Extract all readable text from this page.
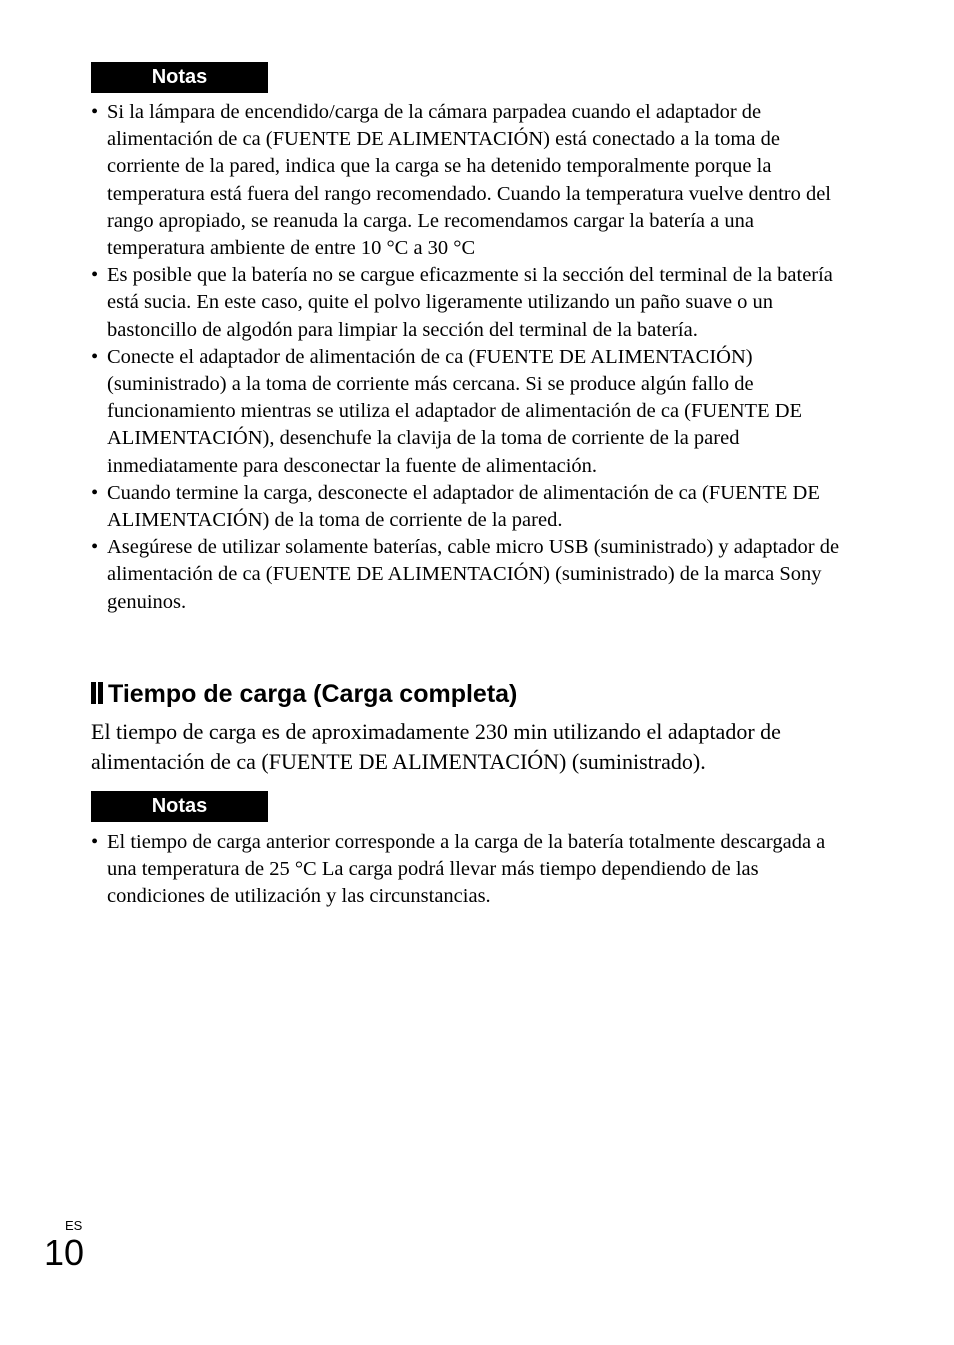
Notas
• Si la lámpara de encendido/carga de la cámara parpadea cuando el adaptador de alimentación de ca (FUENTE DE ALIMENTACIÓN) está conectado a la toma de corriente de la pared, indica que la carga se ha detenido temporalmente porque la temperatura está fuera del rango recomendado. Cuando la temperatura vuelve dentro del rango apropiado, se reanuda la carga. Le recomendamos cargar la batería a una temperatura ambiente de entre 10 °C a 30 °C
• Es posible que la batería no se cargue eficazmente si la sección del terminal de la batería está sucia. En este caso, quite el polvo ligeramente utilizando un paño suave o un bastoncillo de algodón para limpiar la sección del terminal de la batería.
• Conecte el adaptador de alimentación de ca (FUENTE DE ALIMENTACIÓN) (suministrado) a la toma de corriente más cercana. Si se produce algún fallo de funcionamiento mientras se utiliza el adaptador de alimentación de ca (FUENTE DE ALIMENTACIÓN), desenchufe la clavija de la toma de corriente de la pared inmediatamente para desconectar la fuente de alimentación.
• Cuando termine la carga, desconecte el adaptador de alimentación de ca (FUENTE DE ALIMENTACIÓN) de la toma de corriente de la pared.
• Asegúrese de utilizar solamente baterías, cable micro USB (suministrado) y adaptador de alimentación de ca (FUENTE DE ALIMENTACIÓN) (suministrado) de la marca Sony genuinos.
Tiempo de carga (Carga completa)

El tiempo de carga es de aproximadamente 230 min utilizando el adaptador de alimentación de ca (FUENTE DE ALIMENTACIÓN) (suministrado).

Notas
• El tiempo de carga anterior corresponde a la carga de la batería totalmente descargada a una temperatura de 25 °C La carga podrá llevar más tiempo dependiendo de las condiciones de utilización y las circunstancias.
ES
10
